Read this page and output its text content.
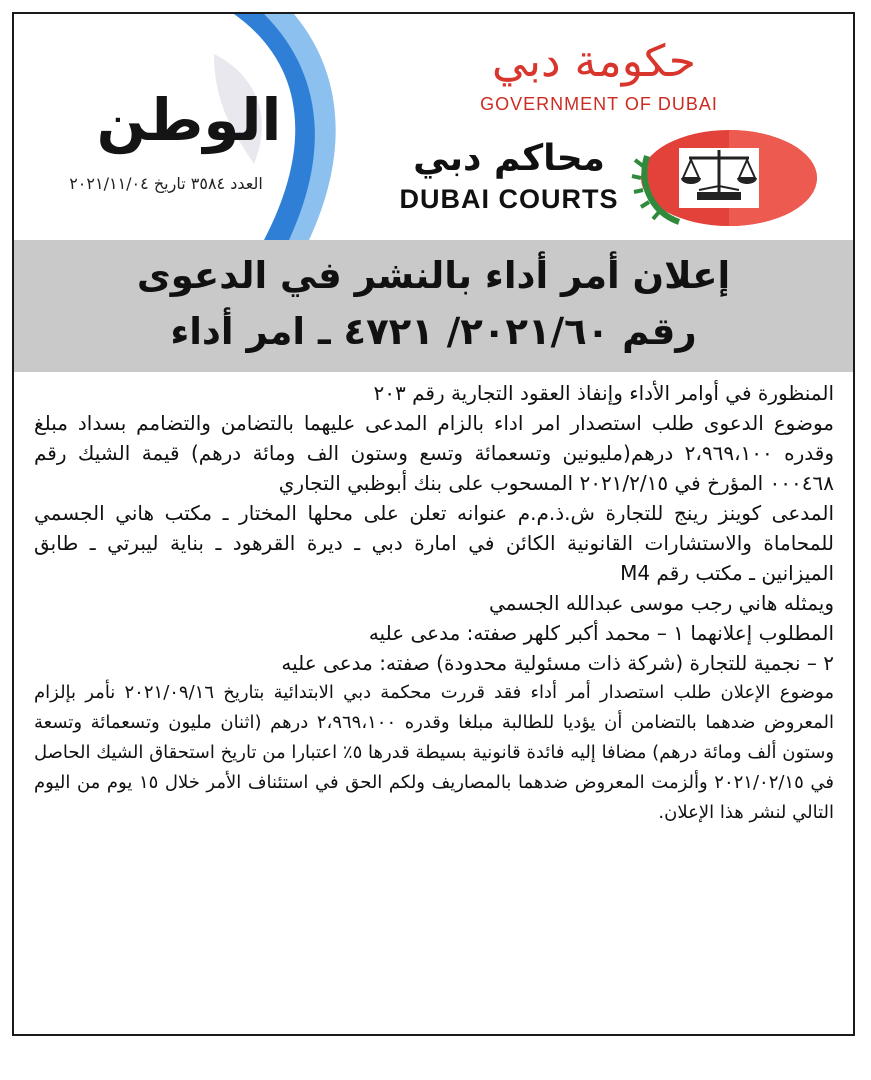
الوطن
العدد ٣٥٨٤ تاريخ ٢٠٢١/١١/٠٤
حكومة دبي
GOVERNMENT OF DUBAI
محاكم دبي
DUBAI COURTS
إعلان أمر أداء بالنشر في الدعوى
رقم ٢٠٢١/٦٠/ ٤٧٢١ ـ امر أداء

المنظورة في أوامر الأداء وإنفاذ العقود التجارية رقم ٢٠٣

موضوع الدعوى طلب استصدار امر اداء بالزام المدعى عليهما بالتضامن والتضامم بسداد مبلغ وقدره ٢،٩٦٩،١٠٠ درهم(مليونين وتسعمائة وتسع وستون الف ومائة درهم) قيمة الشيك رقم ٠٠٠٤٦٨ المؤرخ في ٢٠٢١/٢/١٥ المسحوب على بنك أبوظبي التجاري

المدعى كوينز رينج للتجارة ش.ذ.م.م عنوانه تعلن على محلها المختار ـ مكتب هاني الجسمي للمحاماة والاستشارات القانونية الكائن في امارة دبي ـ ديرة القرهود ـ بناية ليبرتي ـ طابق الميزانين ـ مكتب رقم M4

ويمثله هاني رجب موسى عبدالله الجسمي

المطلوب إعلانهما ١ – محمد أكبر كلهر صفته: مدعى عليه

٢ – نجمية للتجارة (شركة ذات مسئولية محدودة) صفته: مدعى عليه

موضوع الإعلان طلب استصدار أمر أداء فقد قررت محكمة دبي الابتدائية بتاريخ ٢٠٢١/٠٩/١٦ نأمر بإلزام المعروض ضدهما بالتضامن أن يؤديا للطالبة مبلغا وقدره ٢،٩٦٩،١٠٠ درهم (اثنان مليون وتسعمائة وتسعة وستون ألف ومائة درهم) مضافا إليه فائدة قانونية بسيطة قدرها ٥٪ اعتبارا من تاريخ استحقاق الشيك الحاصل في ٢٠٢١/٠٢/١٥ وألزمت المعروض ضدهما بالمصاريف ولكم الحق في استئناف الأمر خلال ١٥ يوم من اليوم التالي لنشر هذا الإعلان.
